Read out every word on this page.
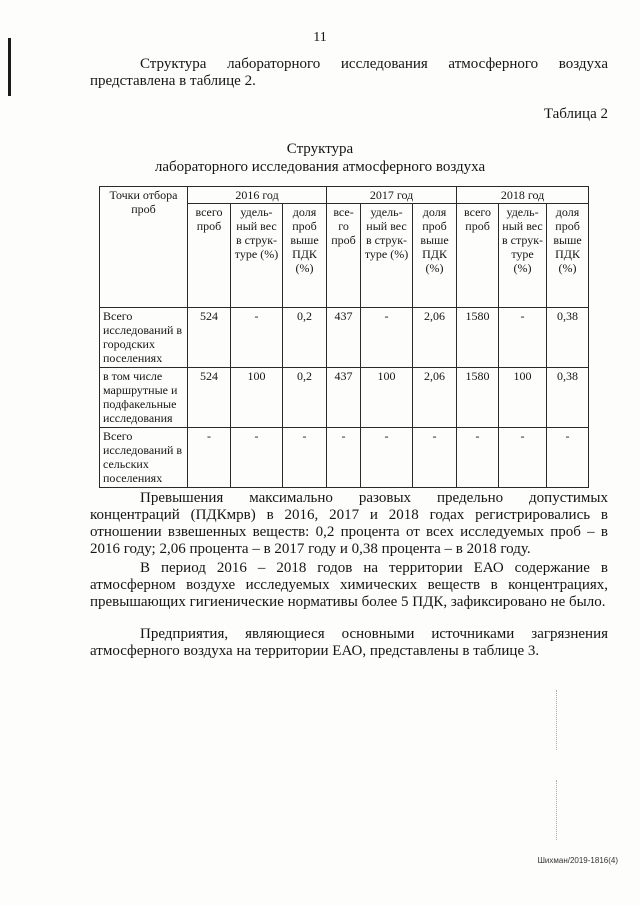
11

Структура лабораторного исследования атмосферного воздуха представлена в таблице 2.

Таблица 2
Структура
лабораторного исследования атмосферного воздуха
Точки отбора проб	2016 год			2017 год			2018 год		
	всего проб	удель-ный вес в струк-туре (%)	доля проб выше ПДК (%)	все-го проб	удель-ный вес в струк-туре (%)	доля проб выше ПДК (%)	всего проб	удель-ный вес в струк-туре (%)	доля проб выше ПДК (%)
Всего исследований в городских поселениях	524	-	0,2	437	-	2,06	1580	-	0,38
в том числе маршрутные и подфакельные исследования	524	100	0,2	437	100	2,06	1580	100	0,38
Всего исследований в сельских поселениях	-	-	-	-	-	-	-	-	-

Превышения максимально разовых предельно допустимых концентраций (ПДКмрв) в 2016, 2017 и 2018 годах регистрировались в отношении взвешенных веществ: 0,2 процента от всех исследуемых проб – в 2016 году; 2,06 процента – в 2017 году и 0,38 процента – в 2018 году.

В период 2016 – 2018 годов на территории ЕАО содержание в атмосферном воздухе исследуемых химических веществ в концентрациях, превышающих гигиенические нормативы более 5 ПДК, зафиксировано не было.

Предприятия, являющиеся основными источниками загрязнения атмосферного воздуха на территории ЕАО, представлены в таблице 3.

Шихман/2019-1816(4)
